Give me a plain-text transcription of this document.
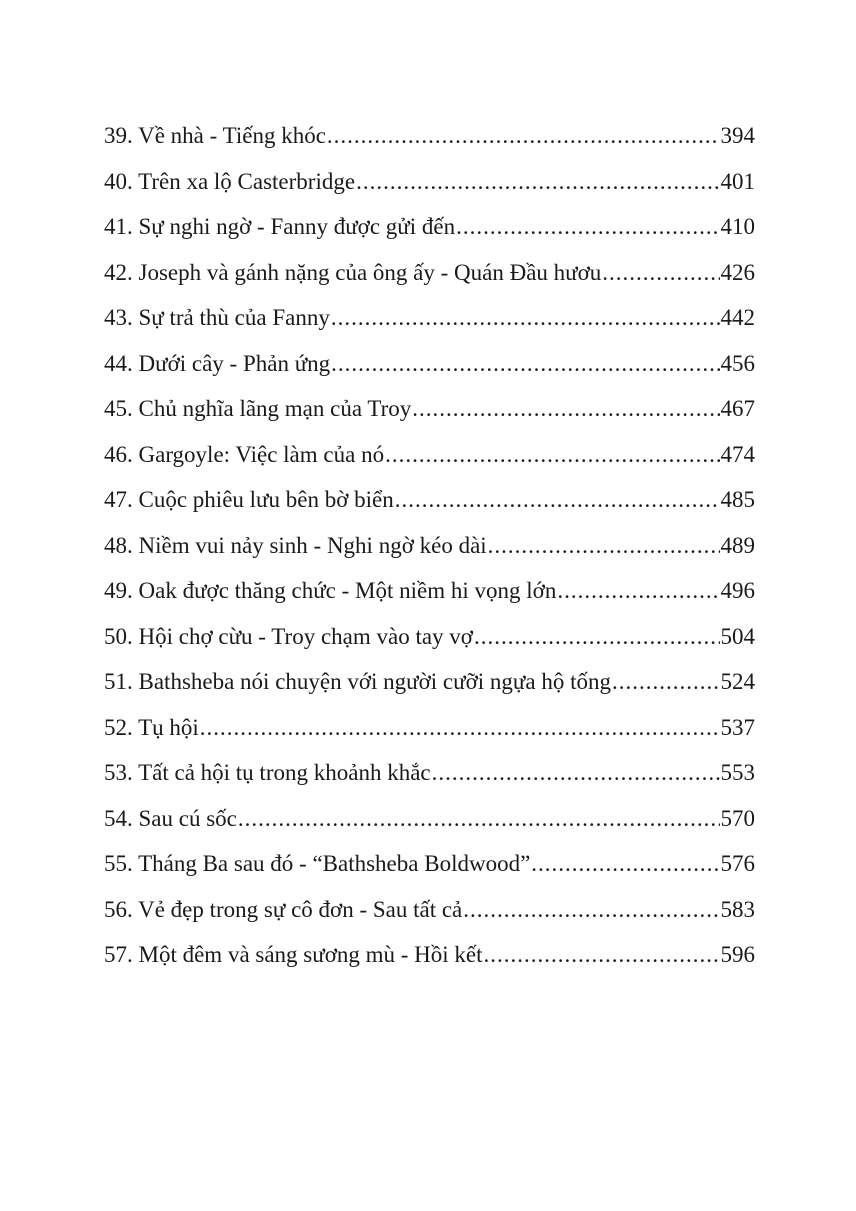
39. Về nhà - Tiếng khóc .....	394
40. Trên xa lộ Casterbridge .....	401
41. Sự nghi ngờ - Fanny được gửi đến .....	410
42. Joseph và gánh nặng của ông ấy - Quán Đầu hươu .....	426
43. Sự trả thù của Fanny .....	442
44. Dưới cây - Phản ứng .....	456
45. Chủ nghĩa lãng mạn của Troy .....	467
46. Gargoyle: Việc làm của nó .....	474
47. Cuộc phiêu lưu bên bờ biển .....	485
48. Niềm vui nảy sinh - Nghi ngờ kéo dài .....	489
49. Oak được thăng chức - Một niềm hi vọng lớn .....	496
50. Hội chợ cừu - Troy chạm vào tay vợ .....	504
51. Bathsheba nói chuyện với người cưỡi ngựa hộ tống .....	524
52. Tụ hội .....	537
53. Tất cả hội tụ trong khoảnh khắc .....	553
54. Sau cú sốc .....	570
55. Tháng Ba sau đó - “Bathsheba Boldwood” .....	576
56. Vẻ đẹp trong sự cô đơn - Sau tất cả .....	583
57. Một đêm và sáng sương mù - Hồi kết .....	596
